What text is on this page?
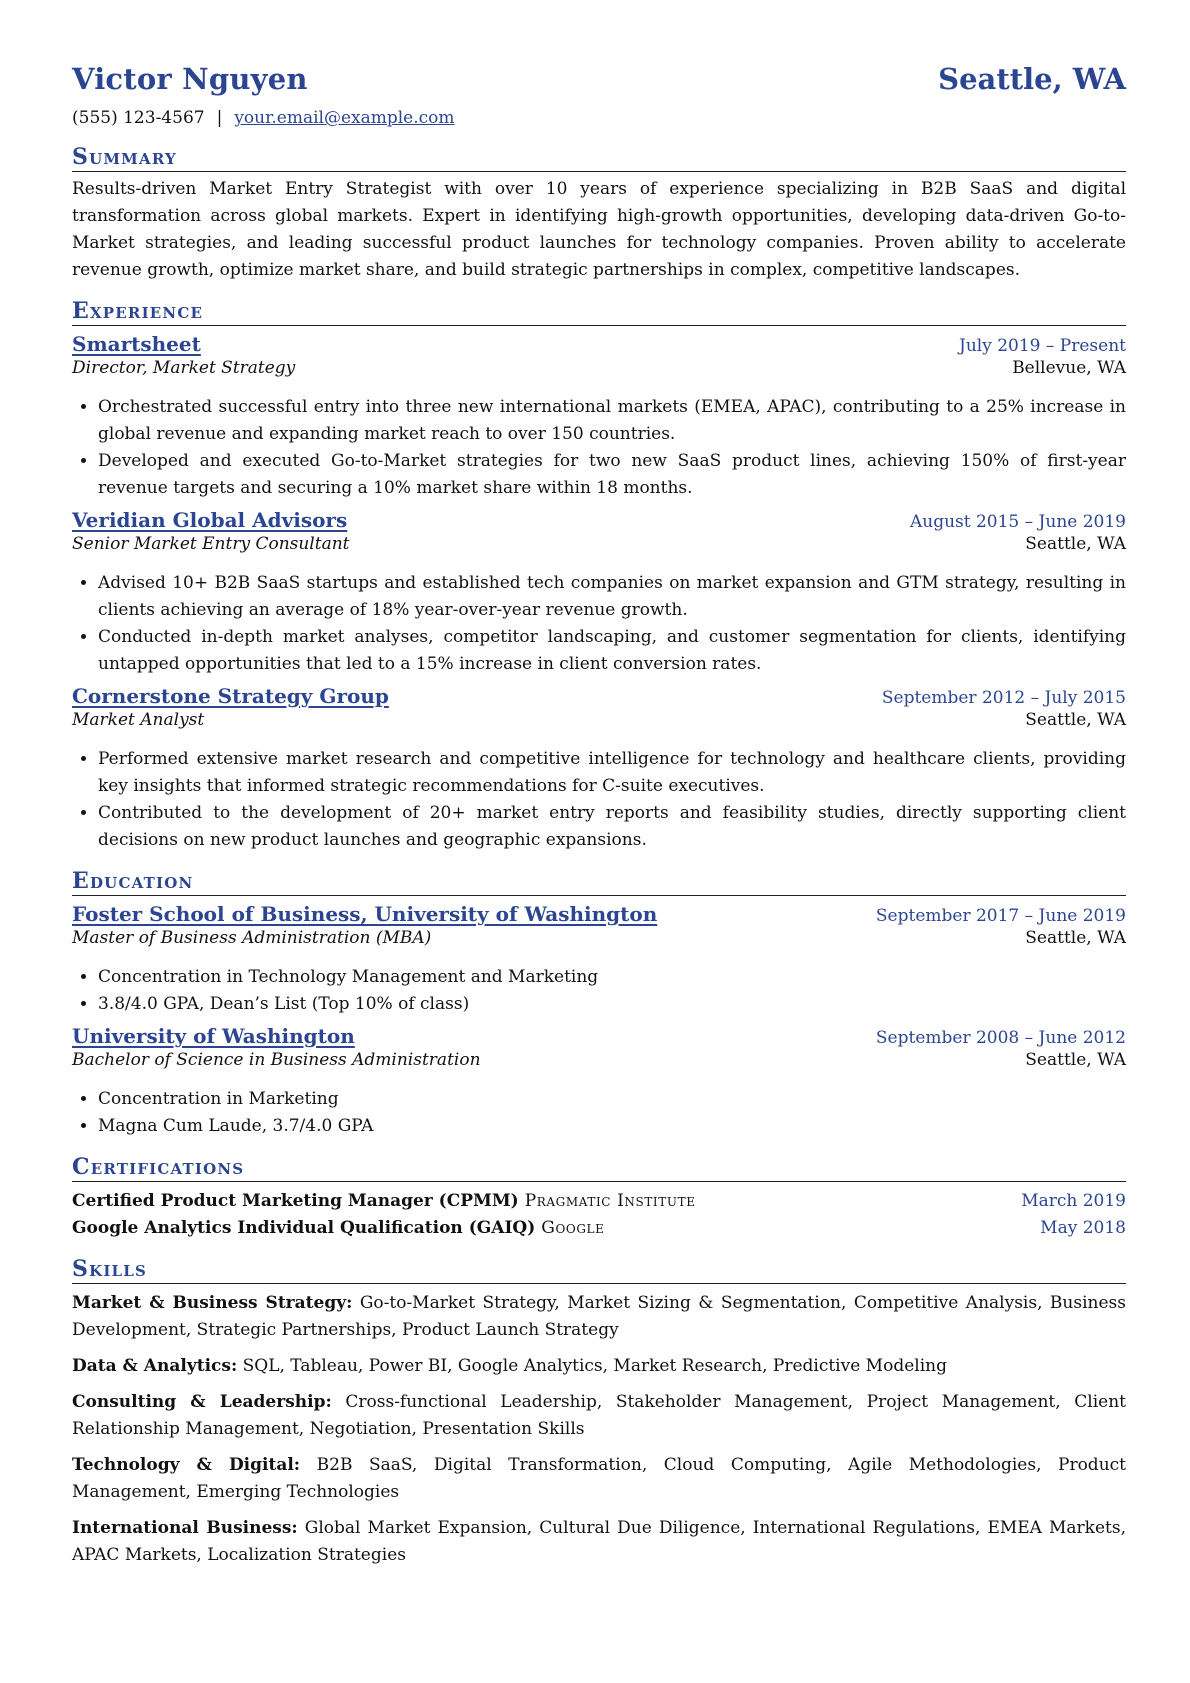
Victor Nguyen	Seattle, WA
(555) 123-4567 | your.email@example.com
Summary
Results-driven Market Entry Strategist with over 10 years of experience specializing in B2B SaaS and digital transformation across global markets. Expert in identifying high-growth opportunities, developing data-driven Go-to-Market strategies, and leading successful product launches for technology companies. Proven ability to accelerate revenue growth, optimize market share, and build strategic partnerships in complex, competitive landscapes.
Experience
Smartsheet	July 2019 – Present
Director, Market Strategy	Bellevue, WA
• Orchestrated successful entry into three new international markets (EMEA, APAC), contributing to a 25% increase in global revenue and expanding market reach to over 150 countries.
• Developed and executed Go-to-Market strategies for two new SaaS product lines, achieving 150% of first-year revenue targets and securing a 10% market share within 18 months.
Veridian Global Advisors	August 2015 – June 2019
Senior Market Entry Consultant	Seattle, WA
• Advised 10+ B2B SaaS startups and established tech companies on market expansion and GTM strategy, resulting in clients achieving an average of 18% year-over-year revenue growth.
• Conducted in-depth market analyses, competitor landscaping, and customer segmentation for clients, identifying untapped opportunities that led to a 15% increase in client conversion rates.
Cornerstone Strategy Group	September 2012 – July 2015
Market Analyst	Seattle, WA
• Performed extensive market research and competitive intelligence for technology and healthcare clients, providing key insights that informed strategic recommendations for C-suite executives.
• Contributed to the development of 20+ market entry reports and feasibility studies, directly supporting client decisions on new product launches and geographic expansions.
Education
Foster School of Business, University of Washington	September 2017 – June 2019
Master of Business Administration (MBA)	Seattle, WA
• Concentration in Technology Management and Marketing
• 3.8/4.0 GPA, Dean’s List (Top 10% of class)
University of Washington	September 2008 – June 2012
Bachelor of Science in Business Administration	Seattle, WA
• Concentration in Marketing
• Magna Cum Laude, 3.7/4.0 GPA
Certifications
Certified Product Marketing Manager (CPMM) Pragmatic Institute	March 2019
Google Analytics Individual Qualification (GAIQ) Google	May 2018
Skills
Market & Business Strategy: Go-to-Market Strategy, Market Sizing & Segmentation, Competitive Analysis, Business Development, Strategic Partnerships, Product Launch Strategy
Data & Analytics: SQL, Tableau, Power BI, Google Analytics, Market Research, Predictive Modeling
Consulting & Leadership: Cross-functional Leadership, Stakeholder Management, Project Management, Client Relationship Management, Negotiation, Presentation Skills
Technology & Digital: B2B SaaS, Digital Transformation, Cloud Computing, Agile Methodologies, Product Management, Emerging Technologies
International Business: Global Market Expansion, Cultural Due Diligence, International Regulations, EMEA Markets, APAC Markets, Localization Strategies
